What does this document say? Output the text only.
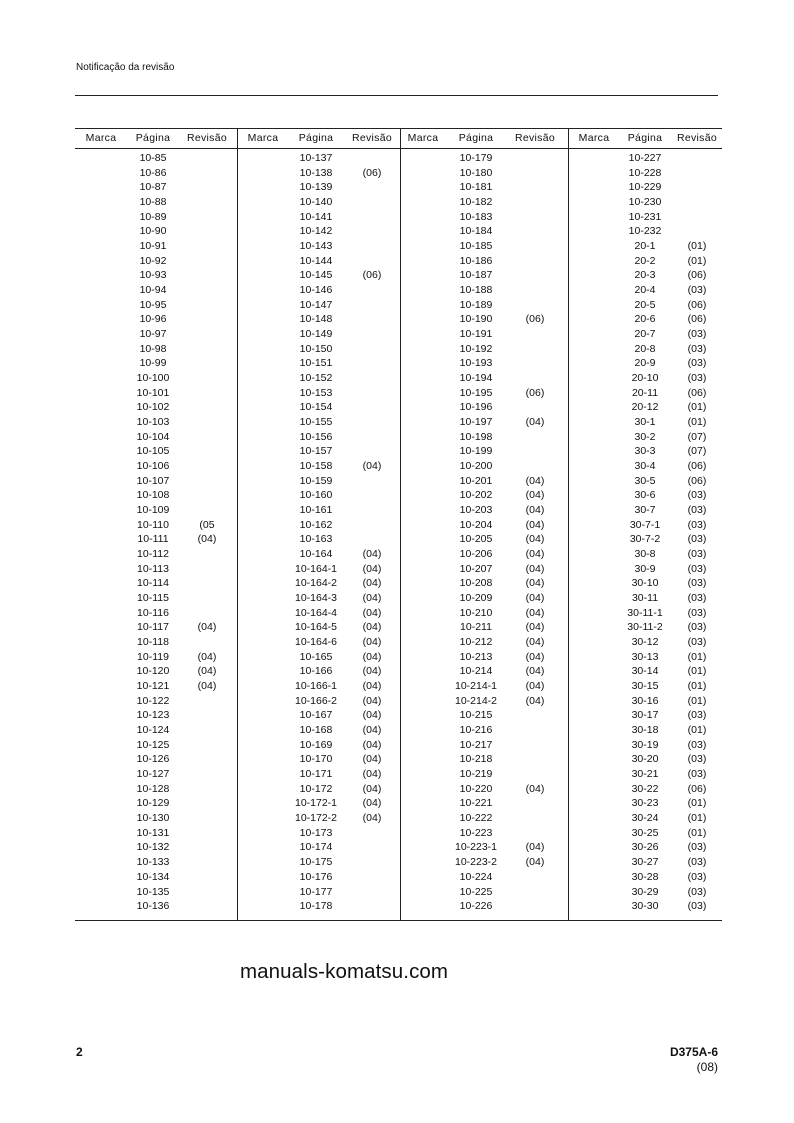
Notificação da revisão
Marca Página Revisão
10-85
10-86
10-87
10-88
10-89
10-90
10-91
10-92
10-93
10-94
10-95
10-96
10-97
10-98
10-99
10-100
10-101
10-102
10-103
10-104
10-105
10-106
10-107
10-108
10-109
10-110	(05
10-111	(04)
10-112
10-113
10-114
10-115
10-116
10-117	(04)
10-118
10-119	(04)
10-120	(04)
10-121	(04)
10-122
10-123
10-124
10-125
10-126
10-127
10-128
10-129
10-130
10-131
10-132
10-133
10-134
10-135
10-136
Marca Página Revisão
10-137
10-138	(06)
10-139
10-140
10-141
10-142
10-143
10-144
10-145	(06)
10-146
10-147
10-148
10-149
10-150
10-151
10-152
10-153
10-154
10-155
10-156
10-157
10-158	(04)
10-159
10-160
10-161
10-162
10-163
10-164	(04)
10-164-1 (04)
10-164-2 (04)
10-164-3 (04)
10-164-4 (04)
10-164-5 (04)
10-164-6 (04)
10-165	(04)
10-166	(04)
10-166-1 (04)
10-166-2 (04)
10-167	(04)
10-168	(04)
10-169	(04)
10-170	(04)
10-171	(04)
10-172	(04)
10-172-1 (04)
10-172-2 (04)
10-173
10-174
10-175
10-176
10-177
10-178
Marca Página Revisão
10-179
10-180
10-181
10-182
10-183
10-184
10-185
10-186
10-187
10-188
10-189
10-190	(06)
10-191
10-192
10-193
10-194
10-195	(06)
10-196
10-197	(04)
10-198
10-199
10-200
10-201	(04)
10-202	(04)
10-203	(04)
10-204	(04)
10-205	(04)
10-206	(04)
10-207	(04)
10-208	(04)
10-209	(04)
10-210	(04)
10-211	(04)
10-212	(04)
10-213	(04)
10-214	(04)
10-214-1	(04)
10-214-2	(04)
10-215
10-216
10-217
10-218
10-219
10-220	(04)
10-221
10-222
10-223
10-223-1	(04)
10-223-2	(04)
10-224
10-225
10-226
Marca Página Revisão
10-227
10-228
10-229
10-230
10-231
10-232
20-1	(01)
20-2	(01)
20-3	(06)
20-4	(03)
20-5	(06)
20-6	(06)
20-7	(03)
20-8	(03)
20-9	(03)
20-10	(03)
20-11	(06)
20-12	(01)
30-1	(01)
30-2	(07)
30-3	(07)
30-4	(06)
30-5	(06)
30-6	(03)
30-7	(03)
30-7-1	(03)
30-7-2	(03)
30-8	(03)
30-9	(03)
30-10	(03)
30-11	(03)
30-11-1 (03)
30-11-2 (03)
30-12	(03)
30-13	(01)
30-14	(01)
30-15	(01)
30-16	(01)
30-17	(03)
30-18	(01)
30-19	(03)
30-20	(03)
30-21	(03)
30-22	(06)
30-23	(01)
30-24	(01)
30-25	(01)
30-26	(03)
30-27	(03)
30-28	(03)
30-29	(03)
30-30	(03)
manuals-komatsu.com
2	D375A-6
(08)
